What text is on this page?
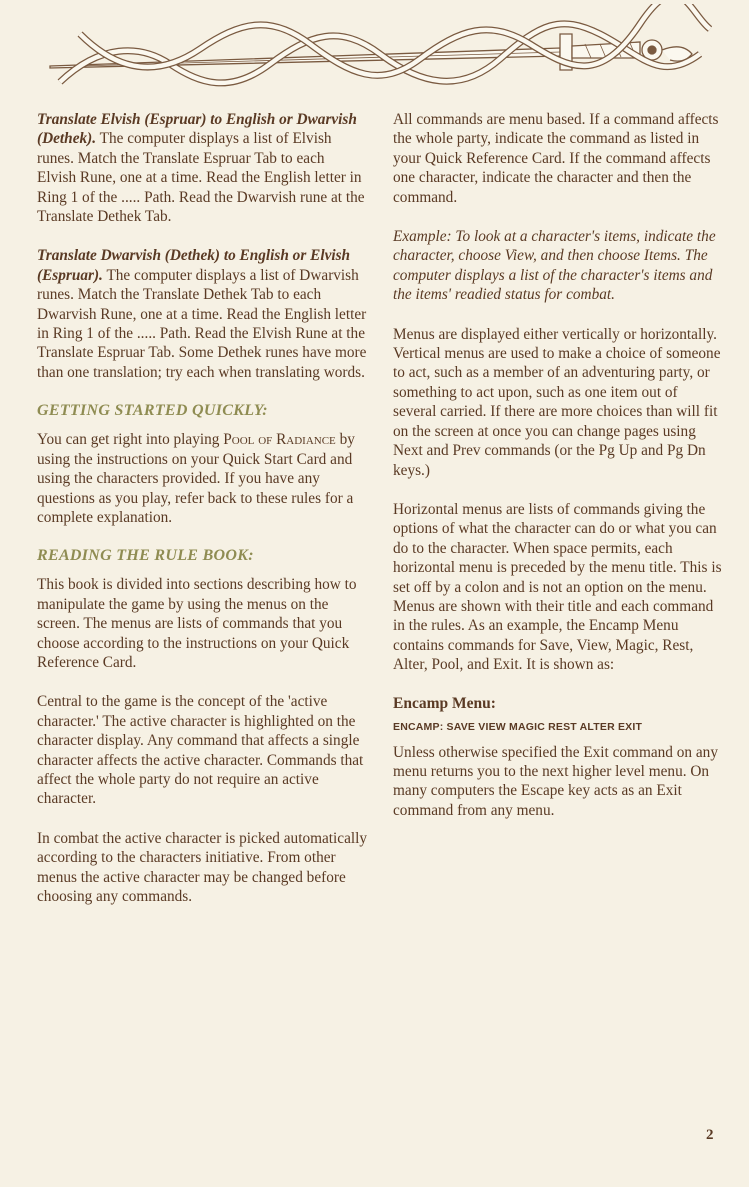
Translate Elvish (Espruar) to English or Dwarvish (Dethek). The computer displays a list of Elvish runes. Match the Translate Espruar Tab to each Elvish Rune, one at a time. Read the English letter in Ring 1 of the ..... Path. Read the Dwarvish rune at the Translate Dethek Tab.

Translate Dwarvish (Dethek) to English or Elvish (Espruar). The computer displays a list of Dwarvish runes. Match the Translate Dethek Tab to each Dwarvish Rune, one at a time. Read the English letter in Ring 1 of the ..... Path. Read the Elvish Rune at the Translate Espruar Tab. Some Dethek runes have more than one translation; try each when translating words.

GETTING STARTED QUICKLY:

You can get right into playing Pool of Radiance by using the instructions on your Quick Start Card and using the characters provided. If you have any questions as you play, refer back to these rules for a complete explanation.

READING THE RULE BOOK:

This book is divided into sections describing how to manipulate the game by using the menus on the screen. The menus are lists of commands that you choose according to the instructions on your Quick Reference Card.

Central to the game is the concept of the 'active character.' The active character is highlighted on the character display. Any command that affects a single character affects the active character. Commands that affect the whole party do not require an active character.

In combat the active character is picked automatically according to the characters initiative. From other menus the active character may be changed before choosing any commands.

All commands are menu based. If a command affects the whole party, indicate the command as listed in your Quick Reference Card. If the command affects one character, indicate the character and then the command.

Example: To look at a character's items, indicate the character, choose View, and then choose Items. The computer displays a list of the character's items and the items' readied status for combat.

Menus are displayed either vertically or horizontally. Vertical menus are used to make a choice of someone to act, such as a member of an adventuring party, or something to act upon, such as one item out of several carried. If there are more choices than will fit on the screen at once you can change pages using Next and Prev commands (or the Pg Up and Pg Dn keys.)

Horizontal menus are lists of commands giving the options of what the character can do or what you can do to the character. When space permits, each horizontal menu is preceded by the menu title. This is set off by a colon and is not an option on the menu. Menus are shown with their title and each command in the rules. As an example, the Encamp Menu contains commands for Save, View, Magic, Rest, Alter, Pool, and Exit. It is shown as:

Encamp Menu:
ENCAMP: SAVE VIEW MAGIC REST ALTER EXIT

Unless otherwise specified the Exit command on any menu returns you to the next higher level menu. On many computers the Escape key acts as an Exit command from any menu.

2
